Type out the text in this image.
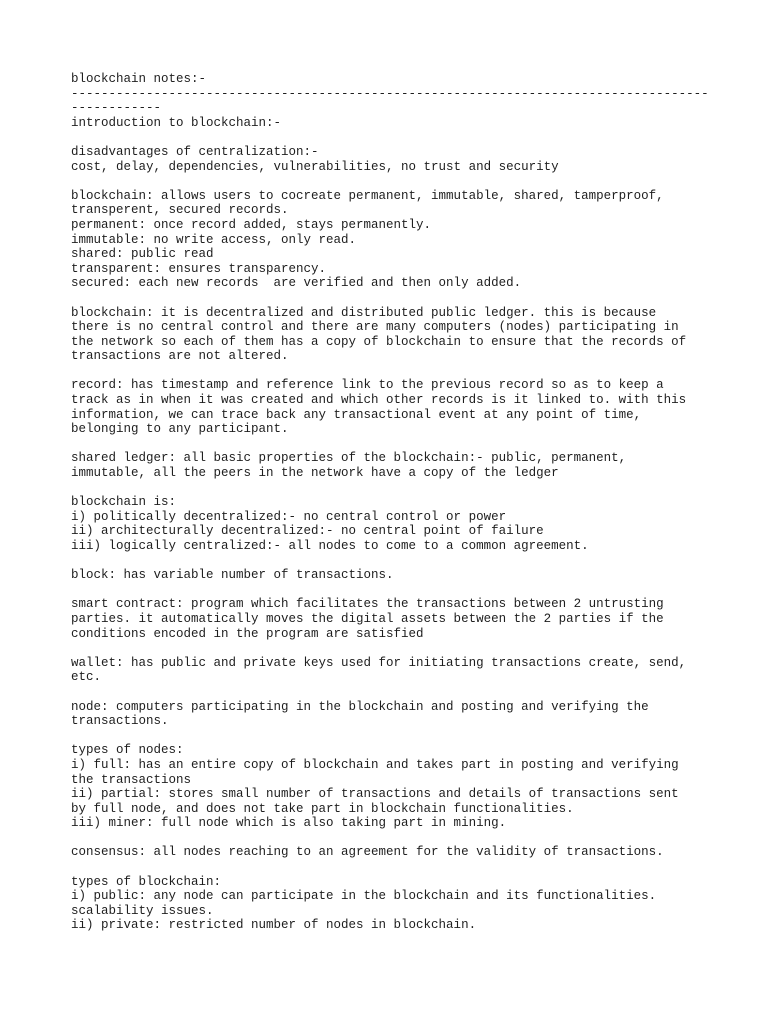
blockchain notes:-
-------------------------------------------------------------------------------------
------------
introduction to blockchain:-
disadvantages of centralization:-
cost, delay, dependencies, vulnerabilities, no trust and security
blockchain: allows users to cocreate permanent, immutable, shared, tamperproof,
transperent, secured records.
permanent: once record added, stays permanently.
immutable: no write access, only read.
shared: public read
transparent: ensures transparency.
secured: each new records  are verified and then only added.
blockchain: it is decentralized and distributed public ledger. this is because
there is no central control and there are many computers (nodes) participating in
the network so each of them has a copy of blockchain to ensure that the records of
transactions are not altered.
record: has timestamp and reference link to the previous record so as to keep a
track as in when it was created and which other records is it linked to. with this
information, we can trace back any transactional event at any point of time,
belonging to any participant.
shared ledger: all basic properties of the blockchain:- public, permanent,
immutable, all the peers in the network have a copy of the ledger
blockchain is:
i) politically decentralized:- no central control or power
ii) architecturally decentralized:- no central point of failure
iii) logically centralized:- all nodes to come to a common agreement.
block: has variable number of transactions.
smart contract: program which facilitates the transactions between 2 untrusting
parties. it automatically moves the digital assets between the 2 parties if the
conditions encoded in the program are satisfied
wallet: has public and private keys used for initiating transactions create, send,
etc.
node: computers participating in the blockchain and posting and verifying the
transactions.
types of nodes:
i) full: has an entire copy of blockchain and takes part in posting and verifying
the transactions
ii) partial: stores small number of transactions and details of transactions sent
by full node, and does not take part in blockchain functionalities.
iii) miner: full node which is also taking part in mining.
consensus: all nodes reaching to an agreement for the validity of transactions.
types of blockchain:
i) public: any node can participate in the blockchain and its functionalities.
scalability issues.
ii) private: restricted number of nodes in blockchain.
